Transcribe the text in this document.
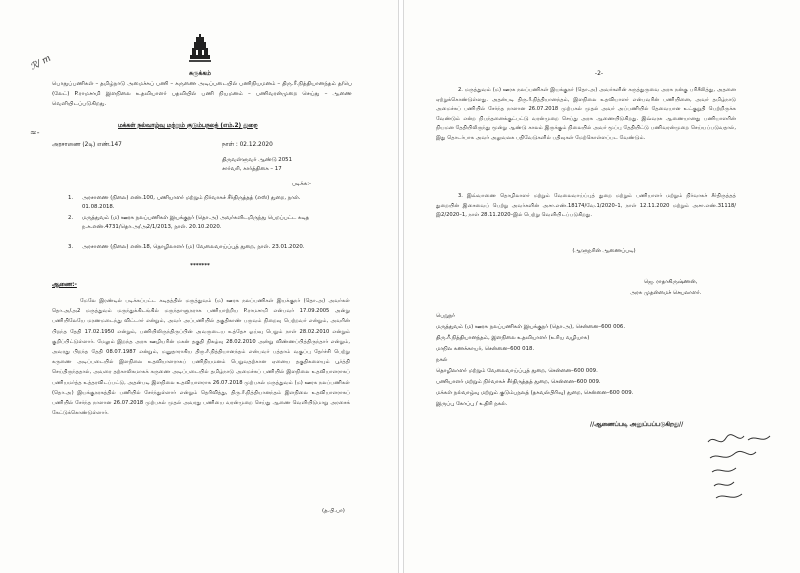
ℛ/ m
≈-
சுருக்கம்
பொதுப்பணிகள் – தமிழ்நாடு அமைச்சுப் பணி – கருணை அடிப்படையில் பணிநியமனம் – திரு.ரீ.நித்தியானந்தம் த/பெ (லேட்) P.ராமசாமி இளநிலை உதவியாளர் பதவியில் பணி நியமனம் – பணிவரன்முறை செய்து – ஆணை வெளியிடப்படுகிறது.
மக்கள் நல்வாழ்வு மற்றும் குடும்பநலத் (எம்.2) துறை
அரசாணை (2டி) எண்.147	நாள் : 02.12.2020
திருவள்ளுவர் ஆண்டு 2051
சார்வரி, கார்த்திகை – 17
படிக்க:-
1. அரசாணை (நிலை) எண்.100, பணியாளர் மற்றும் நிர்வாகச் சீர்திருத்தத் (எஸ்) துறை, நாள். 01.08.2018.
2. மருத்துவம் (ம) ஊரக நலப்பணிகள் இயக்குநர் (தொ.அ) அவர்களிடமிருந்து பெறப்பட்ட கடித ந.க.எண்.4731/தொ.அ/அ2/1/2013, நாள். 20.10.2020.
3. அரசாணை (நிலை) எண்.18, தொழிலாளர் (ம) வேலைவாய்ப்புத் துறை, நாள். 23.01.2020.
*******
ஆணை:-
மேலே இரண்டில் படிக்கப்பட்ட கடிதத்தில் மருத்துவம் (ம) ஊரக நலப்பணிகள் இயக்குநர் (தொ.அ) அவர்கள் தொ.அ/அ2 மருத்துவம் மருந்துக்கிடங்கில் மருந்தாளுநராக பணியாற்றிய P.ராமசாமி என்பவர் 17.09.2005 அன்று பணியிலேயே மரணமடைந்து விட்டார் என்றும், அவர் அப்பணியில் தகுதிகாண் பருவம் நிறைவு பெற்றவர் என்றும், அவரின் பிறந்த தேதி 17.02.1950 என்றும், பணியிலிருந்திருப்பின் அவருடைய உத்தேச ஓய்வு பெறும் நாள் 28.02.2010 என்றும் குறிப்பிட்டுள்ளார். மேலும் இறந்த அரசு ஊழியரின் மகன் தகுதி நிகழ்வு 28.02.2010 அன்று விண்ணப்பித்திருந்தார் என்றும், அவரது பிறந்த தேதி 08.07.1987 என்றும், மனுதாராகிய திரு.ரீ.நித்தியானந்தம் என்பவர் பத்தாம் வகுப்பு தேர்ச்சி பெற்று கருணை அடிப்படையில் இளநிலை உதவியாளராகப் பணிநியமனம் பெறுவதற்கான ஏனைய தகுதிகளையும் பூர்த்தி செய்திருந்ததால், அவரை தற்காலிகமாகக் கருணை அடிப்படையில் தமிழ்நாடு அமைச்சுப் பணியில் இளநிலை உதவியாளராகப் பணியமர்த்த உத்தரவிடப்பட்டு, அதன்படி இளநிலை உதவியாளராக 26.07.2018 முற்பகல் மருத்துவம் (ம) ஊரக நலப்பணிகள் (தொ.அ) இயக்குநரகத்தில் பணியில் சேர்ந்துள்ளார் என்றும் தெரிவித்து, திரு.ரீ.நித்தியானந்தம் இளநிலை உதவியாளராகப் பணியில் சேர்ந்த நாளான 26.07.2018 முற்பகல் முதல் அவரது பணியை வரன்முறை செய்து ஆணை வெளியிடுமாறு அரசைக் கேட்டுக்கொண்டுள்ளார்.
(த.பி.பா)
-2-
2. மருத்துவம் (ம) ஊரக நலப்பணிகள் இயக்குநர் (தொ.அ) அவர்களின் கருத்துருவை அரசு நன்கு பரிசீலித்து, அதனை ஏற்றுக்கொண்டுள்ளது. அதன்படி திரு.ரீ.நித்தியானந்தம், இளநிலை உதவியாளர் என்பவரின் பணியினை, அவர் தமிழ்நாடு அமைச்சுப் பணியில் சேர்ந்த நாளான 26.07.2018 முற்பகல் முதல் அவர் அப்பணியில் தேவையான உட்குறுதி பெற்றிருக்க வேண்டும் என்ற நிபந்தனைக்குட்பட்டு வரன்முறை செய்து அரசு ஆணையிடுகிறது. இவ்வரசு ஆணையானது பணியாளரின் நியமன தேதியிலிருந்து மூன்று ஆண்டு காலம் இருக்கும் நிலையில் அவர் மூப்பு தேதியிட்டு பணிவரன்முறை செய்யப்படுவதால், இது தொடர்பாக அவர் அலுவலக பதிவேடுகளில் பதிவுகள் மேற்கொள்ளப்பட வேண்டும்.
3. இவ்வாணை தொழிலாளர் மற்றும் வேலைவாய்ப்புத் துறை மற்றும் பணியாளர் மற்றும் நிர்வாகச் சீர்திருத்தத் துறையின் இசைவைப் பெற்று அவர்களின் அசா.எண்.18174/வே.1/2020–1, நாள் 12.11.2020 மற்றும் அசா.எண்.31118/இ2/2020–1, நாள் 28.11.2020–இல் பெற்று வெளியிடப்படுகிறது.
(ஆளுநரின் ஆணைப்படி)
ஜெ. ராதாகிருஷ்ணன்,
அரசு முதன்மைச் செயலாளர்.
பெறுநர்
மருத்துவம் (ம) ஊரக நலப்பணிகள் இயக்குநர் (தொ.அ), சென்னை–600 006.
திரு.ரீ.நித்தியானந்தம், இளநிலை உதவியாளர் (உரிய வழியாக)
மாநில கணக்காயர், சென்னை–600 018.
நகல்
தொழிலாளர் மற்றும் வேலைவாய்ப்புத் துறை, சென்னை–600 009.
பணியாளர் மற்றும் நிர்வாகச் சீர்திருத்தத் துறை, சென்னை–600 009.
மக்கள் நல்வாழ்வு மற்றும் குடும்பநலத் (தகவல்பிரிவு) துறை, சென்னை–600 009.
இருப்பு கோப்பு / உதிரி நகல்.
//ஆணைப்படி அனுப்பப்படுகிறது//
